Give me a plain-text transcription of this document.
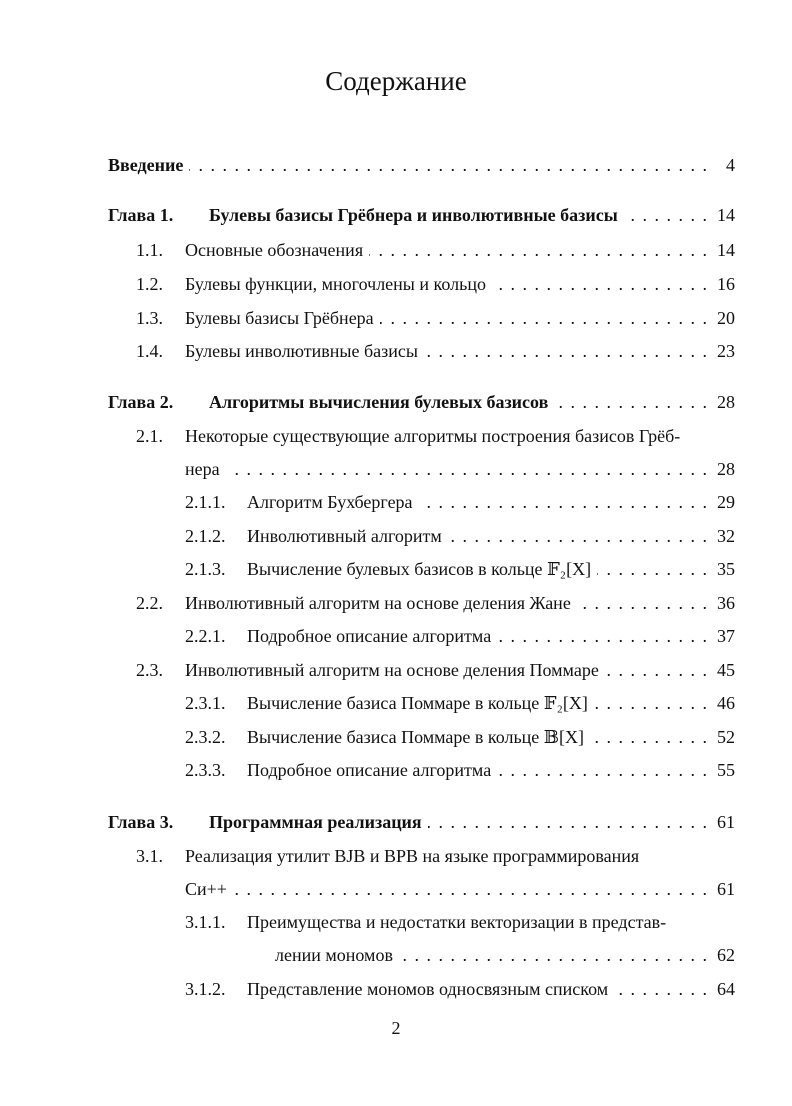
Содержание
Введение . . .	4
Глава 1. Булевы базисы Грёбнера и инволютивные базисы . . .	14
1.1. Основные обозначения . . .	14
1.2. Булевы функции, многочлены и кольцо . . .	16
1.3. Булевы базисы Грёбнера . . .	20
1.4. Булевы инволютивные базисы . . .	23
Глава 2. Алгоритмы вычисления булевых базисов . . .	28
2.1. Некоторые существующие алгоритмы построения базисов Грёб-
нера . . .	28
2.1.1. Алгоритм Бухбергера . . .	29
2.1.2. Инволютивный алгоритм . . .	32
2.1.3. Вычисление булевых базисов в кольце 𝔽₂[X] . . .	35
2.2. Инволютивный алгоритм на основе деления Жане . . .	36
2.2.1. Подробное описание алгоритма . . .	37
2.3. Инволютивный алгоритм на основе деления Поммаре . . .	45
2.3.1. Вычисление базиса Поммаре в кольце 𝔽₂[X] . . .	46
2.3.2. Вычисление базиса Поммаре в кольце 𝔹[X] . . .	52
2.3.3. Подробное описание алгоритма . . .	55
Глава 3. Программная реализация . . .	61
3.1. Реализация утилит BJB и BPB на языке программирования
Си++ . . .	61
3.1.1. Преимущества и недостатки векторизации в представ-
лении мономов . . .	62
3.1.2. Представление мономов односвязным списком . . .	64
2
